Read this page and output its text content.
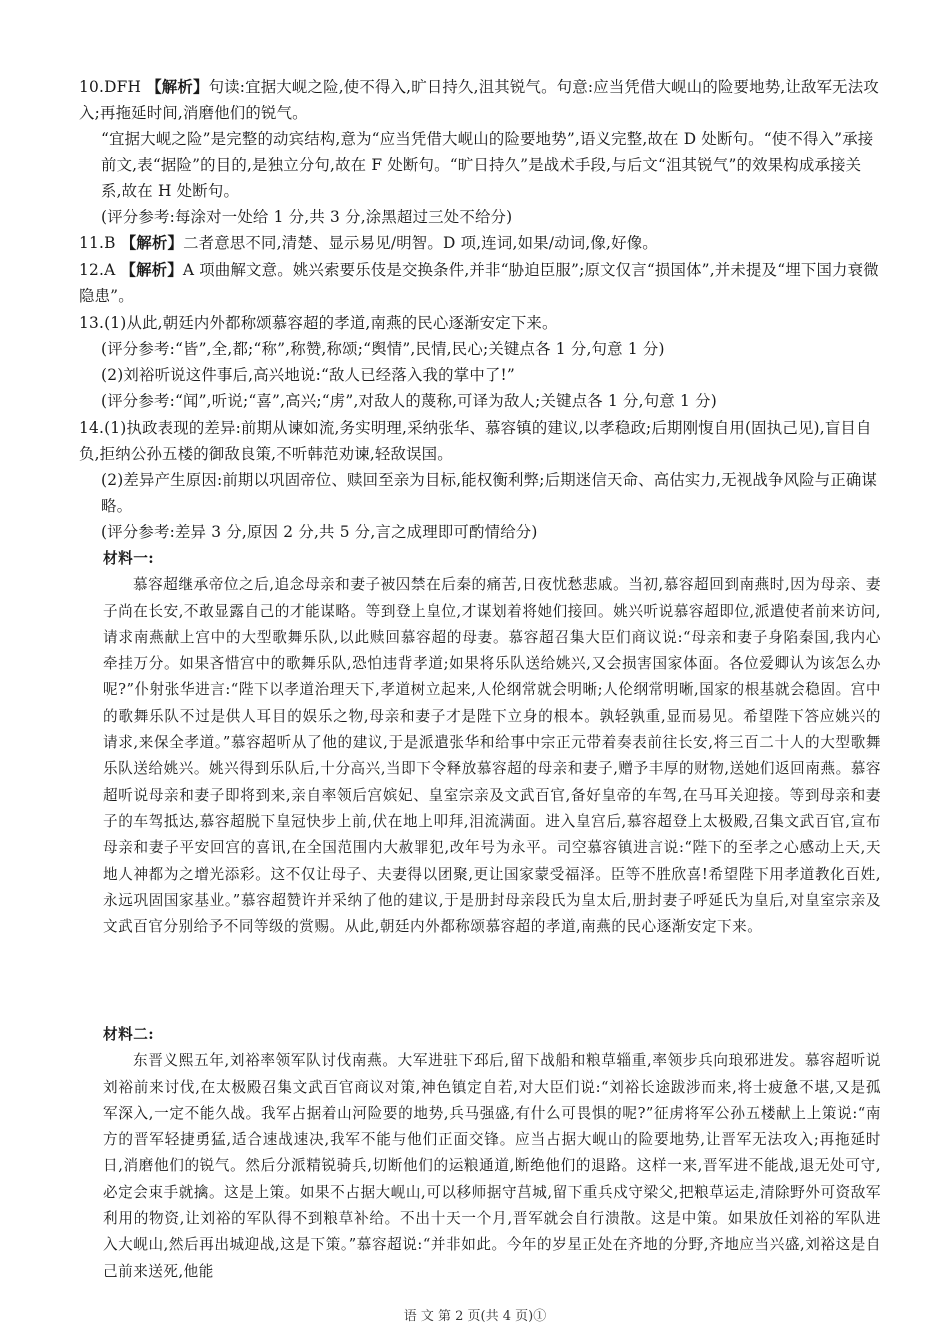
10.DFH 【解析】句读:宜据大岘之险,使不得入,旷日持久,沮其锐气。句意:应当凭借大岘山的险要地势,让敌军无法攻入;再拖延时间,消磨他们的锐气。

“宜据大岘之险”是完整的动宾结构,意为“应当凭借大岘山的险要地势”,语义完整,故在 D 处断句。“使不得入”承接前文,表“据险”的目的,是独立分句,故在 F 处断句。“旷日持久”是战术手段,与后文“沮其锐气”的效果构成承接关系,故在 H 处断句。

(评分参考:每涂对一处给 1 分,共 3 分,涂黑超过三处不给分)

11.B 【解析】二者意思不同,清楚、显示易见/明智。D 项,连词,如果/动词,像,好像。

12.A 【解析】A 项曲解文意。姚兴索要乐伎是交换条件,并非“胁迫臣服”;原文仅言“损国体”,并未提及“埋下国力衰微隐患”。

13.(1)从此,朝廷内外都称颂慕容超的孝道,南燕的民心逐渐安定下来。

(评分参考:“皆”,全,都;“称”,称赞,称颂;“舆情”,民情,民心;关键点各 1 分,句意 1 分)

(2)刘裕听说这件事后,高兴地说:“敌人已经落入我的掌中了!”

(评分参考:“闻”,听说;“喜”,高兴;“虏”,对敌人的蔑称,可译为敌人;关键点各 1 分,句意 1 分)

14.(1)执政表现的差异:前期从谏如流,务实明理,采纳张华、慕容镇的建议,以孝稳政;后期刚愎自用(固执己见),盲目自负,拒纳公孙五楼的御敌良策,不听韩范劝谏,轻敌误国。

(2)差异产生原因:前期以巩固帝位、赎回至亲为目标,能权衡利弊;后期迷信天命、高估实力,无视战争风险与正确谋略。

(评分参考:差异 3 分,原因 2 分,共 5 分,言之成理即可酌情给分)

材料一:

慕容超继承帝位之后,追念母亲和妻子被囚禁在后秦的痛苦,日夜忧愁悲戚。当初,慕容超回到南燕时,因为母亲、妻子尚在长安,不敢显露自己的才能谋略。等到登上皇位,才谋划着将她们接回。姚兴听说慕容超即位,派遣使者前来访问,请求南燕献上宫中的大型歌舞乐队,以此赎回慕容超的母妻。慕容超召集大臣们商议说:“母亲和妻子身陷秦国,我内心牵挂万分。如果吝惜宫中的歌舞乐队,恐怕违背孝道;如果将乐队送给姚兴,又会损害国家体面。各位爱卿认为该怎么办呢?”仆射张华进言:“陛下以孝道治理天下,孝道树立起来,人伦纲常就会明晰;人伦纲常明晰,国家的根基就会稳固。宫中的歌舞乐队不过是供人耳目的娱乐之物,母亲和妻子才是陛下立身的根本。孰轻孰重,显而易见。希望陛下答应姚兴的请求,来保全孝道。”慕容超听从了他的建议,于是派遣张华和给事中宗正元带着奏表前往长安,将三百二十人的大型歌舞乐队送给姚兴。姚兴得到乐队后,十分高兴,当即下令释放慕容超的母亲和妻子,赠予丰厚的财物,送她们返回南燕。慕容超听说母亲和妻子即将到来,亲自率领后宫嫔妃、皇室宗亲及文武百官,备好皇帝的车驾,在马耳关迎接。等到母亲和妻子的车驾抵达,慕容超脱下皇冠快步上前,伏在地上叩拜,泪流满面。进入皇宫后,慕容超登上太极殿,召集文武百官,宣布母亲和妻子平安回宫的喜讯,在全国范围内大赦罪犯,改年号为永平。司空慕容镇进言说:“陛下的至孝之心感动上天,天地人神都为之增光添彩。这不仅让母子、夫妻得以团聚,更让国家蒙受福泽。臣等不胜欣喜!希望陛下用孝道教化百姓,永远巩固国家基业。”慕容超赞许并采纳了他的建议,于是册封母亲段氏为皇太后,册封妻子呼延氏为皇后,对皇室宗亲及文武百官分别给予不同等级的赏赐。从此,朝廷内外都称颂慕容超的孝道,南燕的民心逐渐安定下来。

材料二:

东晋义熙五年,刘裕率领军队讨伐南燕。大军进驻下邳后,留下战船和粮草辎重,率领步兵向琅邪进发。慕容超听说刘裕前来讨伐,在太极殿召集文武百官商议对策,神色镇定自若,对大臣们说:“刘裕长途跋涉而来,将士疲惫不堪,又是孤军深入,一定不能久战。我军占据着山河险要的地势,兵马强盛,有什么可畏惧的呢?”征虏将军公孙五楼献上上策说:“南方的晋军轻捷勇猛,适合速战速决,我军不能与他们正面交锋。应当占据大岘山的险要地势,让晋军无法攻入;再拖延时日,消磨他们的锐气。然后分派精锐骑兵,切断他们的运粮通道,断绝他们的退路。这样一来,晋军进不能战,退无处可守,必定会束手就擒。这是上策。如果不占据大岘山,可以移师据守莒城,留下重兵戍守梁父,把粮草运走,清除野外可资敌军利用的物资,让刘裕的军队得不到粮草补给。不出十天一个月,晋军就会自行溃散。这是中策。如果放任刘裕的军队进入大岘山,然后再出城迎战,这是下策。”慕容超说:“并非如此。今年的岁星正处在齐地的分野,齐地应当兴盛,刘裕这是自己前来送死,他能

语 文 第 2 页(共 4 页)①
